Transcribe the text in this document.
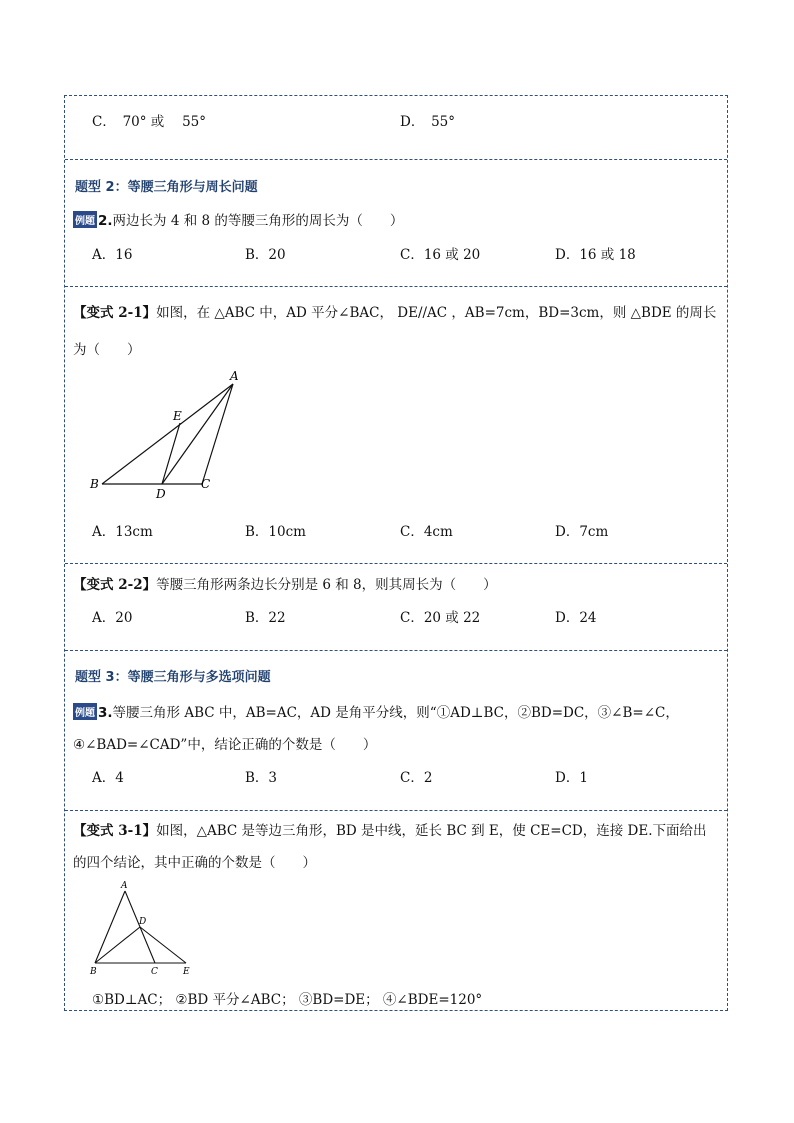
C．　70° 或　 55°	D．　55°
题型 2：等腰三角形与周长问题
例题 2.两边长为 4 和 8 的等腰三角形的周长为（　　）
A．16	B．20	C．16 或 20	D．16 或 18
【变式 2-1】如图，在 △ABC 中，AD 平分∠BAC， DE//AC ，AB=7cm，BD=3cm，则 △BDE 的周长
为（　　）
A
E
B
D
C
A．13cm	B．10cm	C．4cm	D．7cm
【变式 2-2】等腰三角形两条边长分别是 6 和 8，则其周长为（　　）
A．20	B．22	C．20 或 22	D．24
题型 3：等腰三角形与多选项问题
例题 3.等腰三角形 ABC 中，AB=AC，AD 是角平分线，则“①AD⊥BC，②BD=DC，③∠B=∠C，
④∠BAD=∠CAD”中，结论正确的个数是（　　）
A．4	B．3	C．2	D．1
【变式 3-1】如图，△ABC 是等边三角形，BD 是中线，延长 BC 到 E，使 CE=CD，连接 DE.下面给出
的四个结论，其中正确的个数是（　　）
A
D
B	C	E
①BD⊥AC； ②BD 平分∠ABC； ③BD=DE； ④∠BDE=120°
